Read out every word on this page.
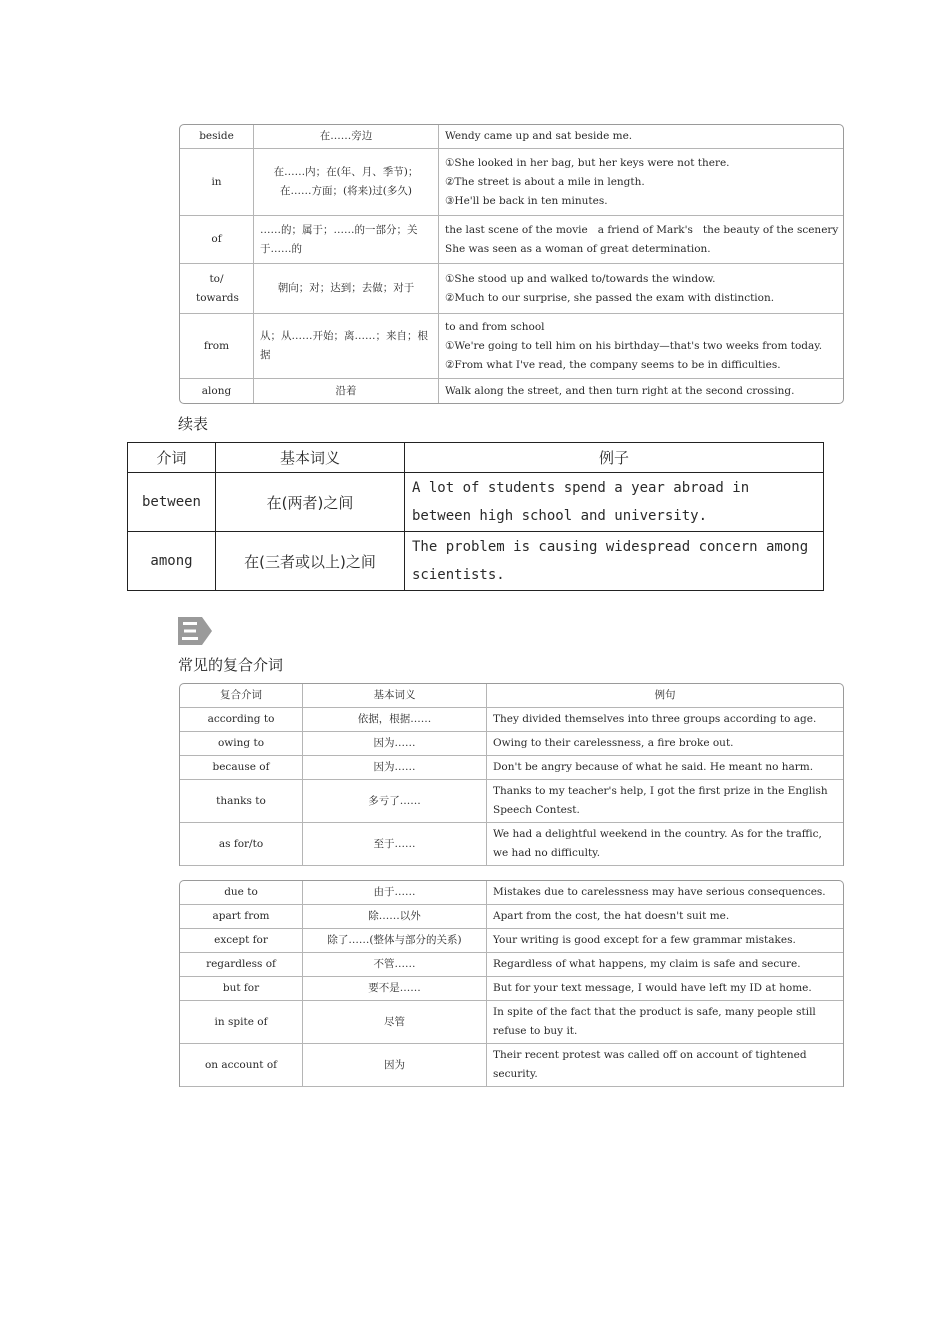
beside	在……旁边	Wendy came up and sat beside me.

in	在……内；在(年、月、季节)；在……方面；(将来)过(多久)	①She looked in her bag, but her keys were not there.
②The street is about a mile in length.
③He'll be back in ten minutes.

of	……的；属于；……的一部分；关于……的	the last scene of the movie   a friend of Mark's   the beauty of the scenery
She was seen as a woman of great determination.

to/ towards	朝向；对；达到；去做；对于	①She stood up and walked to/towards the window.
②Much to our surprise, she passed the exam with distinction.

from	从；从……开始；离……；来自；根据	to and from school
①We're going to tell him on his birthday—that's two weeks from today.
②From what I've read, the company seems to be in difficulties.

along	沿着	Walk along the street, and then turn right at the second crossing.
续表
介词	基本词义	例子
between	在(两者)之间	A lot of students spend a year abroad in between high school and university.
among	在(三者或以上)之间	The problem is causing widespread concern among scientists.
常见的复合介词
复合介词	基本词义	例句
according to	依据，根据……	They divided themselves into three groups according to age.
owing to	因为……	Owing to their carelessness, a fire broke out.
because of	因为……	Don't be angry because of what he said. He meant no harm.
thanks to	多亏了……	Thanks to my teacher's help, I got the first prize in the English Speech Contest.
as for/to	至于……	We had a delightful weekend in the country. As for the traffic, we had no difficulty.
due to	由于……	Mistakes due to carelessness may have serious consequences.
apart from	除……以外	Apart from the cost, the hat doesn't suit me.
except for	除了……(整体与部分的关系)	Your writing is good except for a few grammar mistakes.
regardless of	不管……	Regardless of what happens, my claim is safe and secure.
but for	要不是……	But for your text message, I would have left my ID at home.
in spite of	尽管	In spite of the fact that the product is safe, many people still refuse to buy it.
on account of	因为	Their recent protest was called off on account of tightened security.
